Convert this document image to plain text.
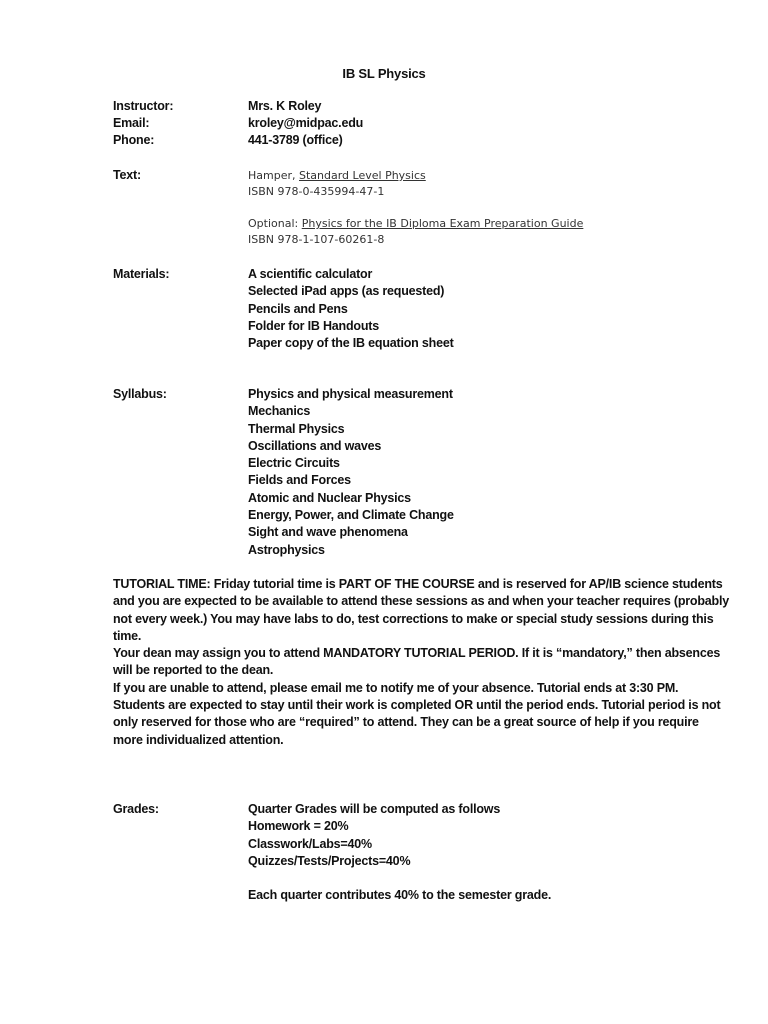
IB SL Physics
Instructor:	Mrs. K Roley
Email:	kroley@midpac.edu
Phone:	441-3789 (office)
Text:	Hamper, Standard Level Physics
ISBN 978-0-435994-47-1
Optional: Physics for the IB Diploma Exam Preparation Guide
ISBN 978-1-107-60261-8
Materials:	A scientific calculator
Selected iPad apps (as requested)
Pencils and Pens
Folder for IB Handouts
Paper copy of the IB equation sheet
Syllabus:	Physics and physical measurement
Mechanics
Thermal Physics
Oscillations and waves
Electric Circuits
Fields and Forces
Atomic and Nuclear Physics
Energy, Power, and Climate Change
Sight and wave phenomena
Astrophysics
TUTORIAL TIME: Friday tutorial time is PART OF THE COURSE and is reserved for AP/IB science students
and you are expected to be available to attend these sessions as and when your teacher requires (probably
not every week.) You may have labs to do, test corrections to make or special study sessions during this
time.
Your dean may assign you to attend MANDATORY TUTORIAL PERIOD. If it is “mandatory,” then absences
will be reported to the dean.
If you are unable to attend, please email me to notify me of your absence. Tutorial ends at 3:30 PM.
Students are expected to stay until their work is completed OR until the period ends. Tutorial period is not
only reserved for those who are “required” to attend. They can be a great source of help if you require
more individualized attention.
Grades:	Quarter Grades will be computed as follows
Homework = 20%
Classwork/Labs=40%
Quizzes/Tests/Projects=40%
Each quarter contributes 40% to the semester grade.
